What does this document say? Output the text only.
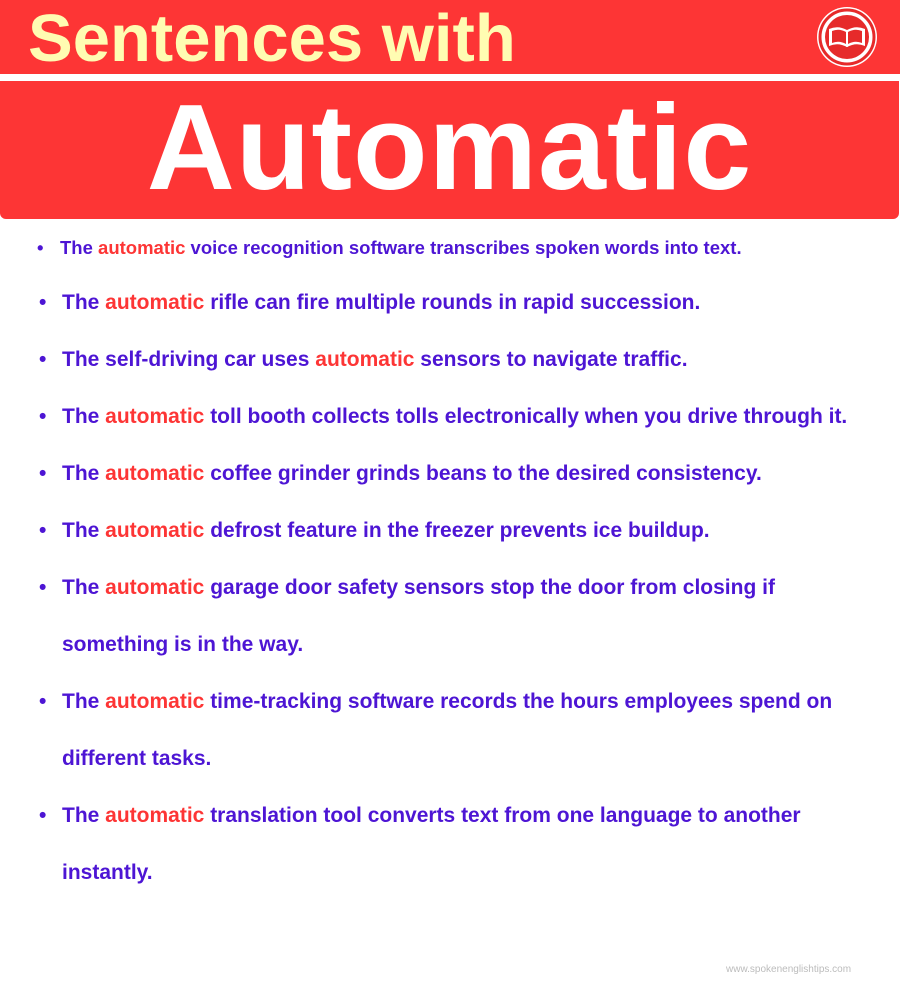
Sentences with
Automatic
• The automatic voice recognition software transcribes spoken words into text.
• The automatic rifle can fire multiple rounds in rapid succession.
• The self-driving car uses automatic sensors to navigate traffic.
• The automatic toll booth collects tolls electronically when you drive through it.
• The automatic coffee grinder grinds beans to the desired consistency.
• The automatic defrost feature in the freezer prevents ice buildup.
• The automatic garage door safety sensors stop the door from closing if something is in the way.
• The automatic time-tracking software records the hours employees spend on different tasks.
• The automatic translation tool converts text from one language to another instantly.
www.spokenenglishtips.com
